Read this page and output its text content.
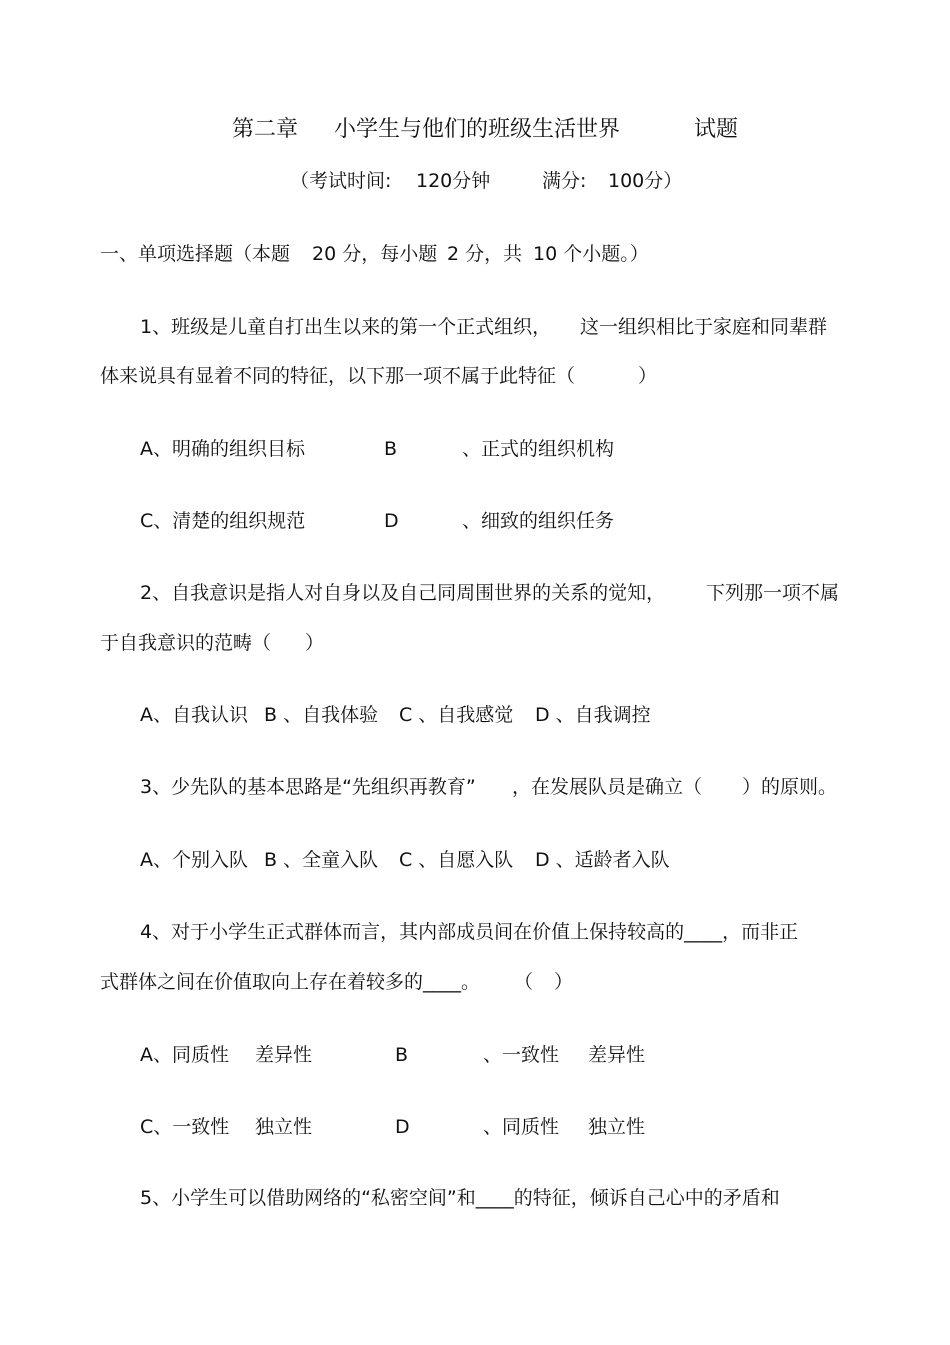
第二章 小学生与他们的班级生活世界	试题
（考试时间: 120分钟	满分: 100分）
一、单项选择题（本题 20 分，每小题 2 分，共 10 个小题。）
1、班级是儿童自打出生以来的第一个正式组织， 这一组织相比于家庭和同辈群
体来说具有显着不同的特征，以下那一项不属于此特征（	）
A、明确的组织目标	B	、正式的组织机构
C、清楚的组织规范	D	、细致的组织任务
2、自我意识是指人对自身以及自己同周围世界的关系的觉知， 下列那一项不属
于自我意识的范畴（ ）
A、自我认识 B 、自我体验 C 、自我感觉 D 、自我调控
3、少先队的基本思路是“先组织再教育” ，在发展队员是确立（ ）的原则。
A、个别入队 B 、全童入队 C 、自愿入队 D 、适龄者入队
4、对于小学生正式群体而言，其内部成员间在价值上保持较高的____，而非正
式群体之间在价值取向上存在着较多的____。 （ ）
A、同质性 差异性	B	、一致性 差异性
C、一致性 独立性	D	、同质性 独立性
5、小学生可以借助网络的“私密空间”和____的特征，倾诉自己心中的矛盾和
